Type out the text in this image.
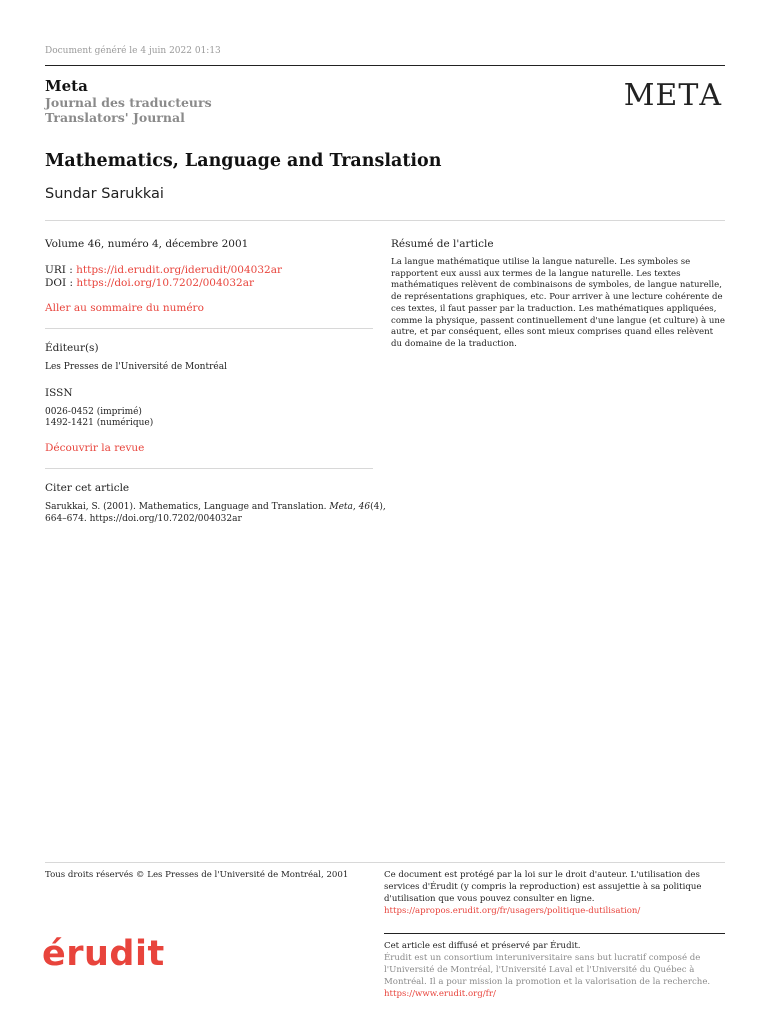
Document généré le 4 juin 2022 01:13
Meta
Journal des traducteurs
Translators' Journal
ΜΕΤΑ
Mathematics, Language and Translation
Sundar Sarukkai
Volume 46, numéro 4, décembre 2001
URI : https://id.erudit.org/iderudit/004032ar
DOI : https://doi.org/10.7202/004032ar
Aller au sommaire du numéro
Éditeur(s)
Les Presses de l'Université de Montréal
ISSN
0026-0452 (imprimé)
1492-1421 (numérique)
Découvrir la revue
Citer cet article
Sarukkai, S. (2001). Mathematics, Language and Translation. Meta, 46(4),
664–674. https://doi.org/10.7202/004032ar
Résumé de l'article
La langue mathématique utilise la langue naturelle. Les symboles se rapportent eux aussi aux termes de la langue naturelle. Les textes mathématiques relèvent de combinaisons de symboles, de langue naturelle, de représentations graphiques, etc. Pour arriver à une lecture cohérente de ces textes, il faut passer par la traduction. Les mathématiques appliquées, comme la physique, passent continuellement d'une langue (et culture) à une autre, et par conséquent, elles sont mieux comprises quand elles relèvent du domaine de la traduction.
Tous droits réservés © Les Presses de l'Université de Montréal, 2001	Ce document est protégé par la loi sur le droit d'auteur. L'utilisation des
services d'Érudit (y compris la reproduction) est assujettie à sa politique
d'utilisation que vous pouvez consulter en ligne.
https://apropos.erudit.org/fr/usagers/politique-dutilisation/
érudit	Cet article est diffusé et préservé par Érudit.
Érudit est un consortium interuniversitaire sans but lucratif composé de
l'Université de Montréal, l'Université Laval et l'Université du Québec à
Montréal. Il a pour mission la promotion et la valorisation de la recherche.
https://www.erudit.org/fr/
